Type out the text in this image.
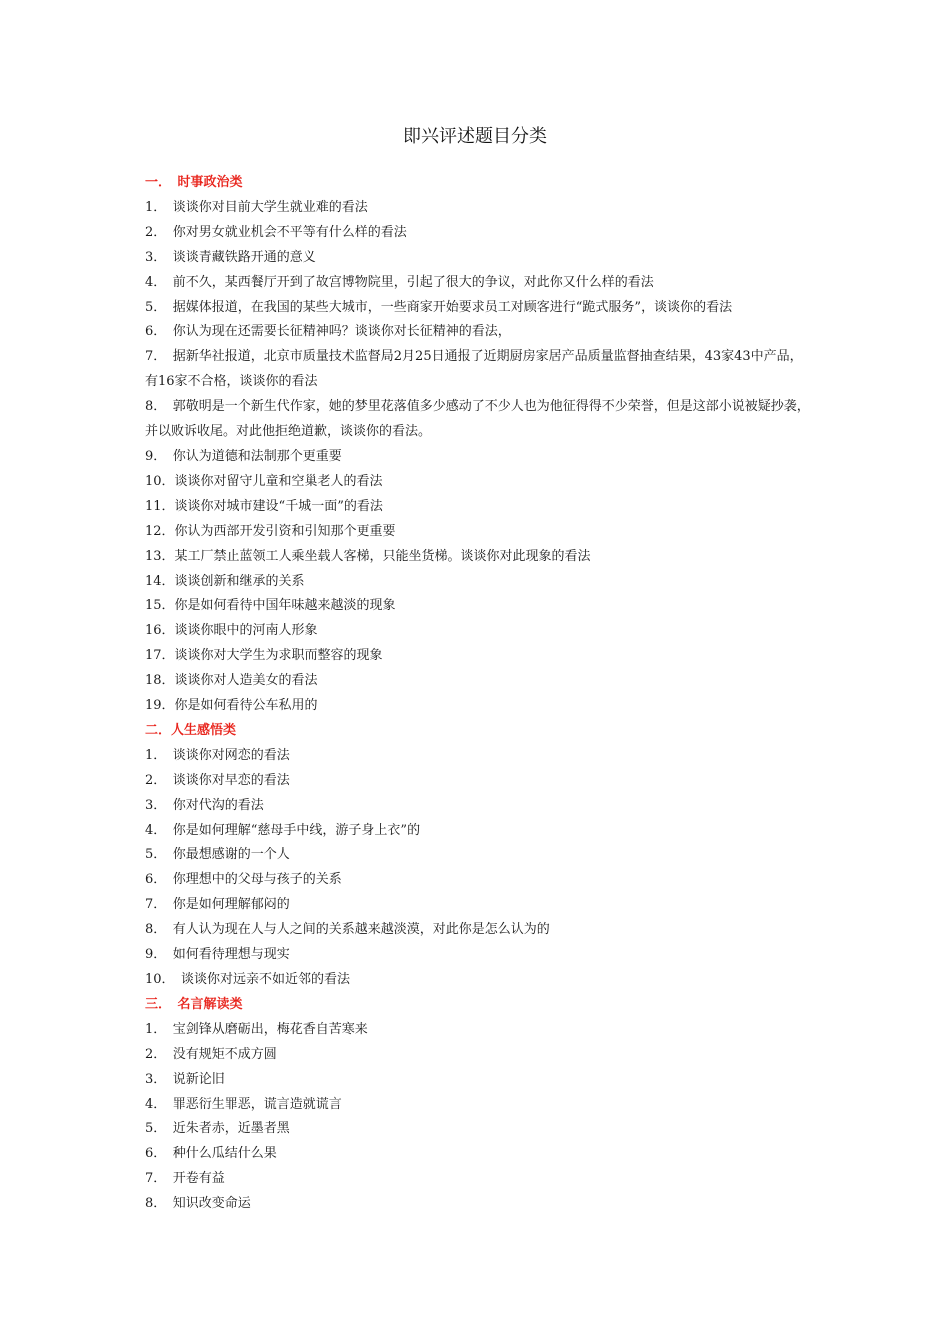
即兴评述题目分类
一．　时事政治类
1．　谈谈你对目前大学生就业难的看法
2．　你对男女就业机会不平等有什么样的看法
3．　谈谈青藏铁路开通的意义
4．　前不久，某西餐厅开到了故宫博物院里，引起了很大的争议，对此你又什么样的看法
5．　据媒体报道，在我国的某些大城市，一些商家开始要求员工对顾客进行“跪式服务”，谈谈你的看法
6．　你认为现在还需要长征精神吗？谈谈你对长征精神的看法，
7．　据新华社报道，北京市质量技术监督局2月25日通报了近期厨房家居产品质量监督抽查结果，43家43中产品，有16家不合格，谈谈你的看法
8．　郭敬明是一个新生代作家，她的梦里花落值多少感动了不少人也为他征得得不少荣誉，但是这部小说被疑抄袭，并以败诉收尾。对此他拒绝道歉，谈谈你的看法。
9．　你认为道德和法制那个更重要
10．谈谈你对留守儿童和空巢老人的看法
11．谈谈你对城市建设“千城一面”的看法
12．你认为西部开发引资和引知那个更重要
13．某工厂禁止蓝领工人乘坐载人客梯，只能坐货梯。谈谈你对此现象的看法
14．谈谈创新和继承的关系
15．你是如何看待中国年味越来越淡的现象
16．谈谈你眼中的河南人形象
17．谈谈你对大学生为求职而整容的现象
18．谈谈你对人造美女的看法
19．你是如何看待公车私用的
二．人生感悟类
1．　谈谈你对网恋的看法
2．　谈谈你对早恋的看法
3．　你对代沟的看法
4．　你是如何理解“慈母手中线，游子身上衣”的
5．　你最想感谢的一个人
6．　你理想中的父母与孩子的关系
7．　你是如何理解郁闷的
8．　有人认为现在人与人之间的关系越来越淡漠，对此你是怎么认为的
9．　如何看待理想与现实
10．　谈谈你对远亲不如近邻的看法
三．　名言解读类
1．　宝剑锋从磨砺出，梅花香自苦寒来
2．　没有规矩不成方圆
3．　说新论旧
4．　罪恶衍生罪恶，谎言造就谎言
5．　近朱者赤，近墨者黑
6．　种什么瓜结什么果
7．　开卷有益
8．　知识改变命运
